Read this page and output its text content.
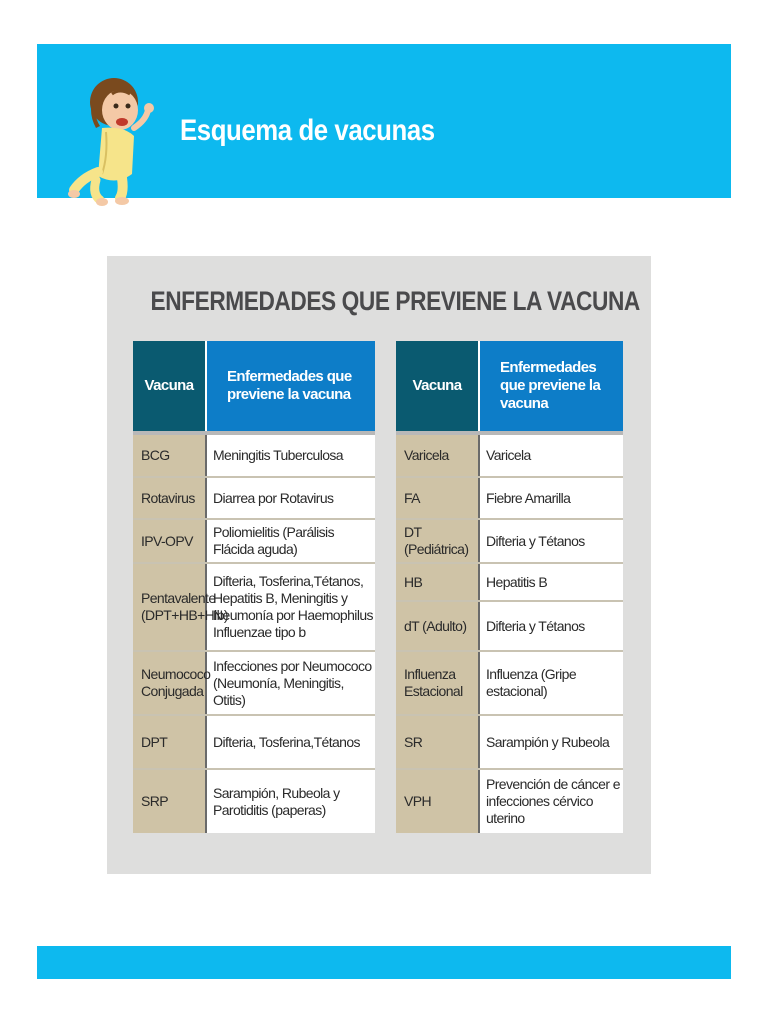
Esquema de vacunas
ENFERMEDADES QUE PREVIENE LA VACUNA
Vacuna	Enfermedades que previene la vacuna

BCG	Meningitis Tuberculosa
Rotavirus	Diarrea por Rotavirus
IPV-OPV	Poliomielitis (Parálisis Flácida aguda)
Pentavalente (DPT+HB+Hib)	Difteria, Tosferina,Tétanos, Hepatitis B, Meningitis y Neumonía por Haemophilus Influenzae tipo b
Neumococo Conjugada	Infecciones por Neumococo (Neumonía, Meningitis, Otitis)
DPT	Difteria, Tosferina,Tétanos
SRP	Sarampión, Rubeola y Parotiditis (paperas)
Vacuna	Enfermedades que previene la vacuna

Varicela	Varicela
FA	Fiebre Amarilla
DT (Pediátrica)	Difteria y Tétanos
HB	Hepatitis B
dT (Adulto)	Difteria y Tétanos
Influenza Estacional	Influenza (Gripe estacional)
SR	Sarampión y Rubeola
VPH	Prevención de cáncer e infecciones cérvico uterino
